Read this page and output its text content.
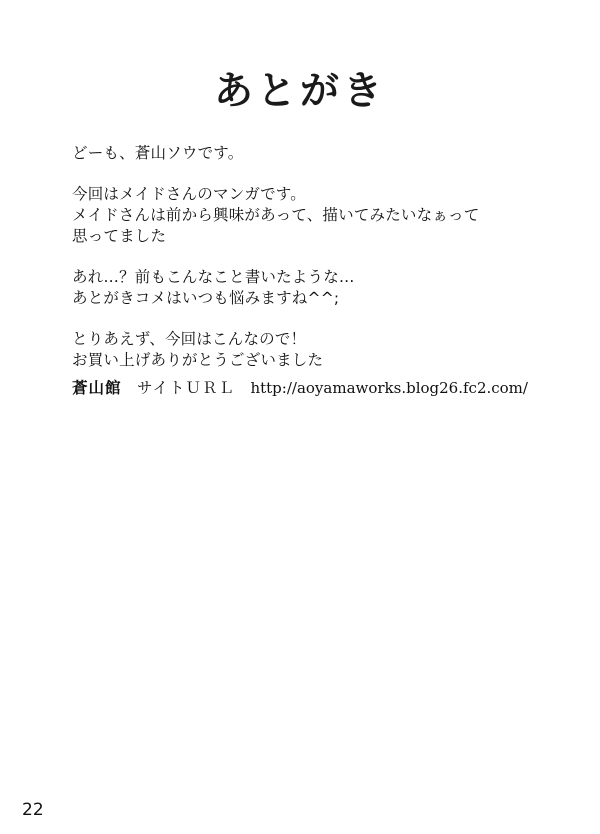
あとがき
どーも、蒼山ソウです。
今回はメイドさんのマンガです。
メイドさんは前から興味があって、描いてみたいなぁって
思ってました
あれ…？前もこんなこと書いたような…
あとがきコメはいつも悩みますね^^;
とりあえず、今回はこんなので！
お買い上げありがとうございました
蒼山館　 サイトＵＲＬ　 http://aoyamaworks.blog26.fc2.com/
22
